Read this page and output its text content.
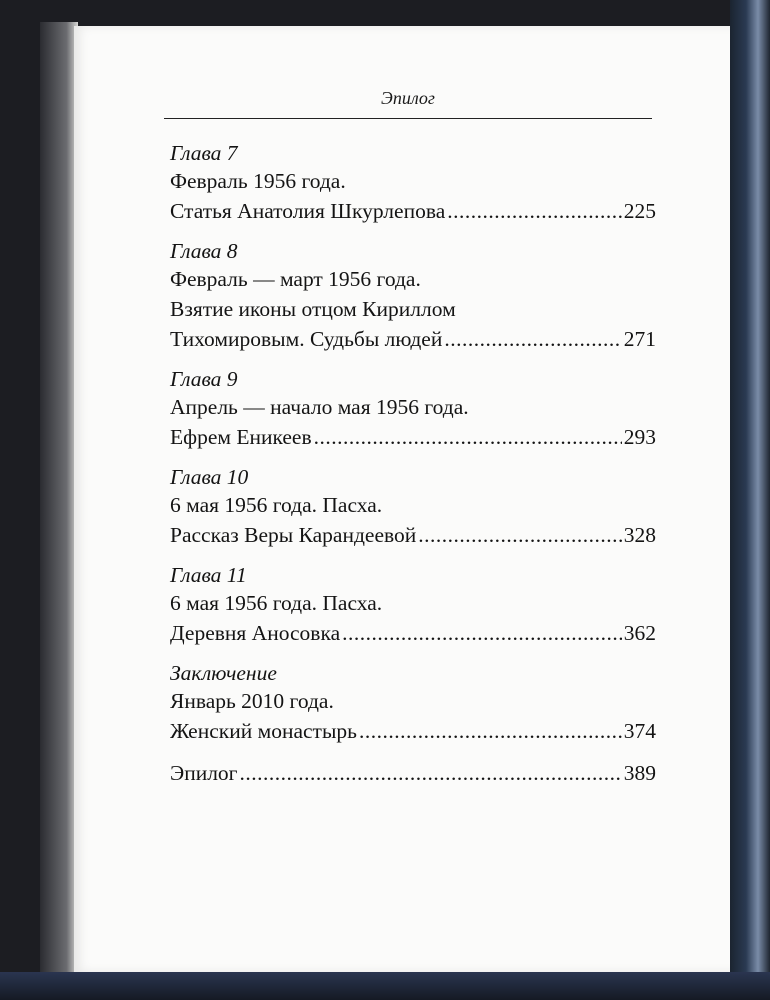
Эпилог
Глава 7
Февраль 1956 года.
Статья Анатолия Шкурлепова .....	225
Глава 8
Февраль — март 1956 года.
Взятие иконы отцом Кириллом
Тихомировым. Судьбы людей .....	271
Глава 9
Апрель — начало мая 1956 года.
Ефрем Еникеев .....	293
Глава 10
6 мая 1956 года. Пасха.
Рассказ Веры Карандеевой .....	328
Глава 11
6 мая 1956 года. Пасха.
Деревня Аносовка .....	362
Заключение
Январь 2010 года.
Женский монастырь .....	374
Эпилог .....	389
